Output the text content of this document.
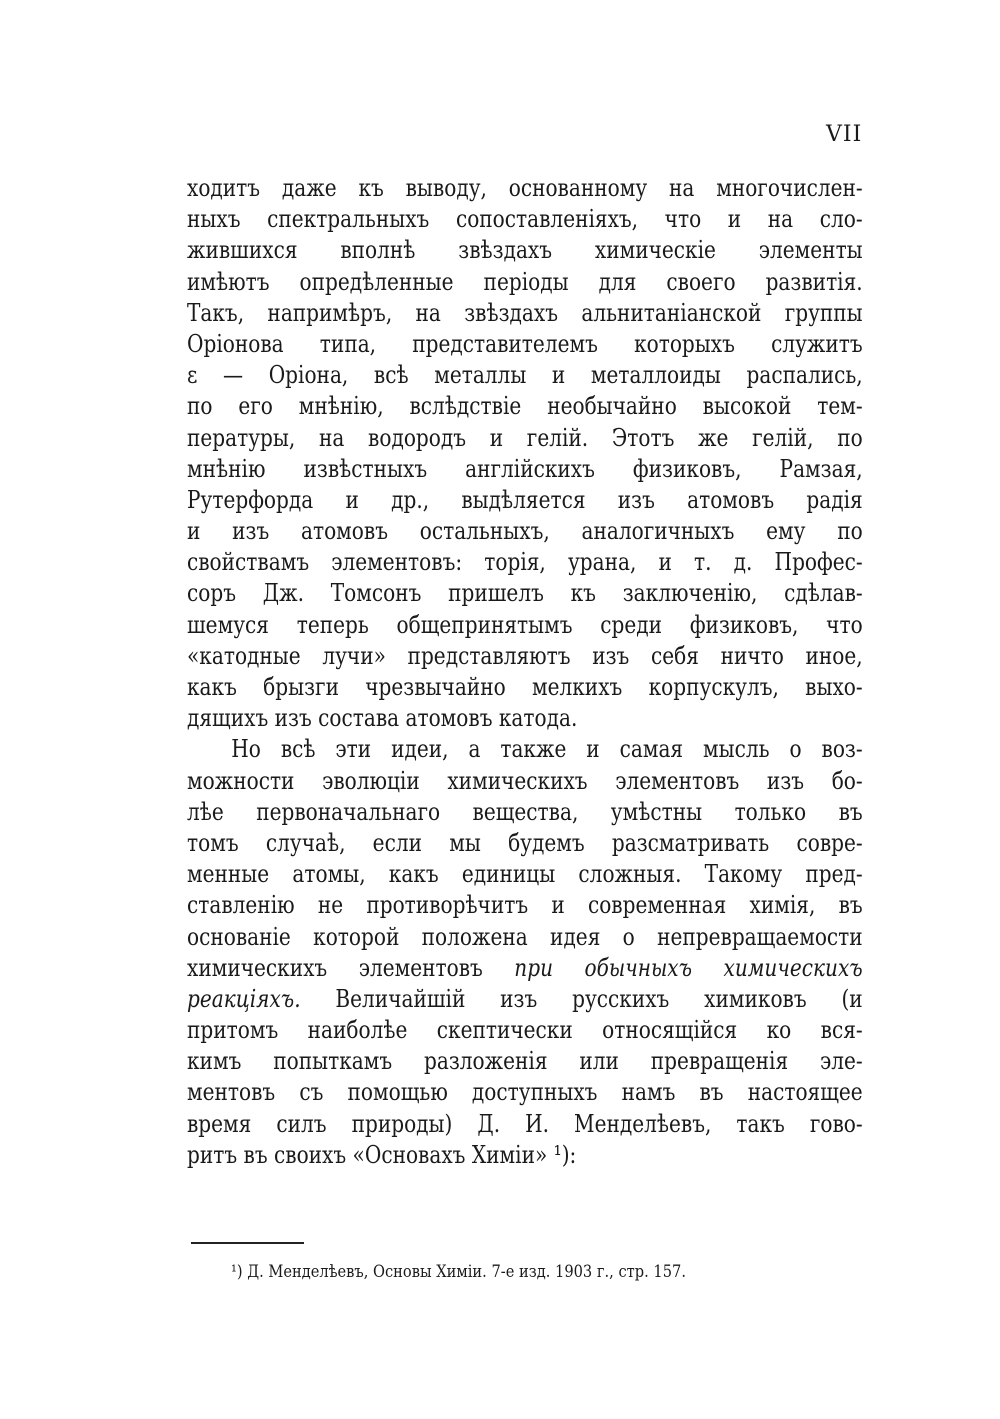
VII
ходитъ даже къ выводу, основанному на многочислен-
ныхъ спектральныхъ сопоставленіяхъ, что и на сло-
жившихся вполнѣ звѣздахъ химическіе элементы
имѣютъ опредѣленные періоды для своего развитія.
Такъ, напримѣръ, на звѣздахъ альнитаніанской группы
Оріонова типа, представителемъ которыхъ служитъ
ε — Оріона, всѣ металлы и металлоиды распались,
по его мнѣнію, вслѣдствіе необычайно высокой тем-
пературы, на водородъ и гелій. Этотъ же гелій, по
мнѣнію извѣстныхъ англійскихъ физиковъ, Рамзая,
Рутерфорда и др., выдѣляется изъ атомовъ радія
и изъ атомовъ остальныхъ, аналогичныхъ ему по
свойствамъ элементовъ: торія, урана, и т. д. Профес-
соръ Дж. Томсонъ пришелъ къ заключенію, сдѣлав-
шемуся теперь общепринятымъ среди физиковъ, что
«катодные лучи» представляютъ изъ себя ничто иное,
какъ брызги чрезвычайно мелкихъ корпускулъ, выхо-
дящихъ изъ состава атомовъ катода.
Но всѣ эти идеи, а также и самая мысль о воз-
можности эволюціи химическихъ элементовъ изъ бо-
лѣе первоначальнаго вещества, умѣстны только въ
томъ случаѣ, если мы будемъ разсматривать совре-
менные атомы, какъ единицы сложныя. Такому пред-
ставленію не противорѣчитъ и современная химія, въ
основаніе которой положена идея о непревращаемости
химическихъ элементовъ при обычныхъ химическихъ
реакціяхъ. Величайшій изъ русскихъ химиковъ (и
притомъ наиболѣе скептически относящійся ко вся-
кимъ попыткамъ разложенія или превращенія эле-
ментовъ съ помощью доступныхъ намъ въ настоящее
время силъ природы) Д. И. Менделѣевъ, такъ гово-
ритъ въ своихъ «Основахъ Химіи» ¹):
¹) Д. Менделѣевъ, Основы Химіи. 7-е изд. 1903 г., стр. 157.
